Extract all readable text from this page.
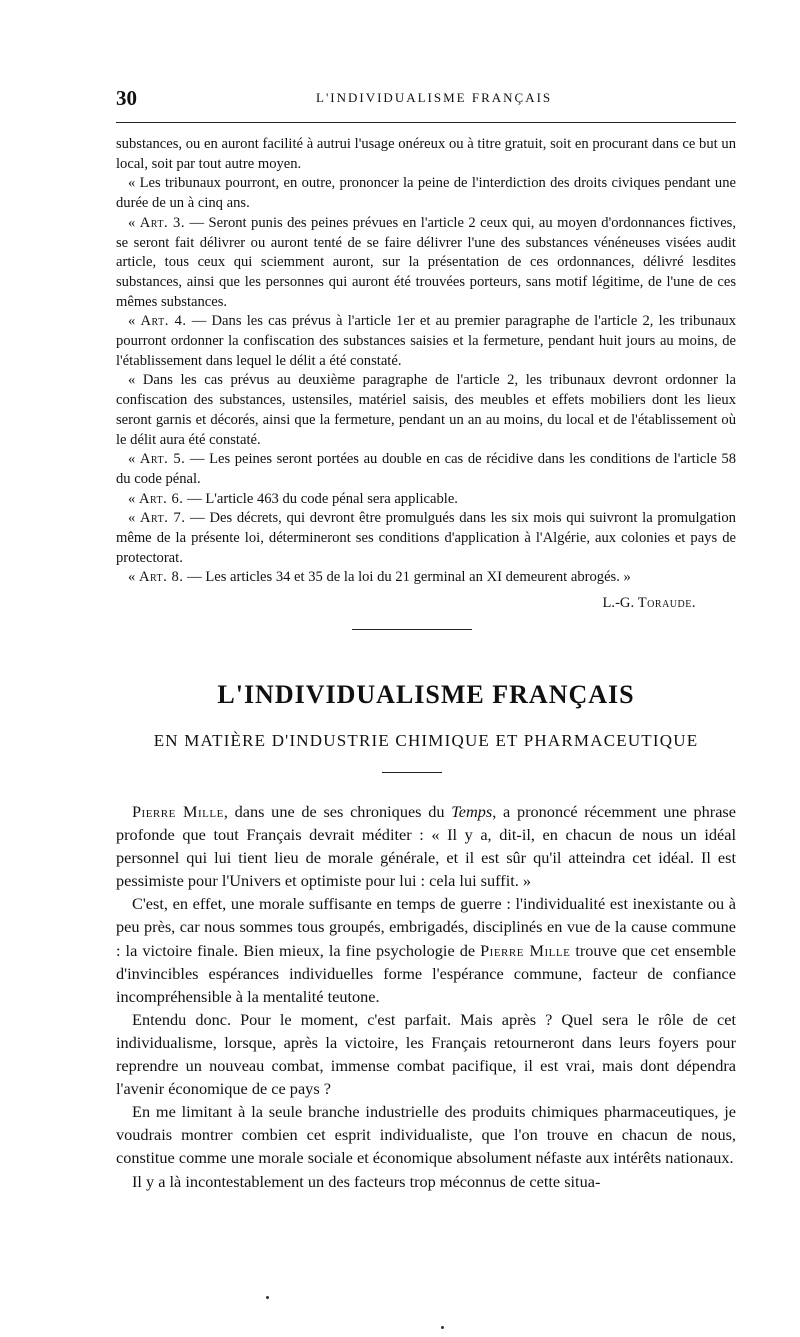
30	L'INDIVIDUALISME FRANÇAIS

substances, ou en auront facilité à autrui l'usage onéreux ou à titre gratuit, soit en procurant dans ce but un local, soit par tout autre moyen.

« Les tribunaux pourront, en outre, prononcer la peine de l'interdiction des droits civiques pendant une durée de un à cinq ans.

« Art. 3. — Seront punis des peines prévues en l'article 2 ceux qui, au moyen d'ordonnances fictives, se seront fait délivrer ou auront tenté de se faire délivrer l'une des substances vénéneuses visées audit article, tous ceux qui sciemment auront, sur la présentation de ces ordonnances, délivré lesdites substances, ainsi que les personnes qui auront été trouvées porteurs, sans motif légitime, de l'une de ces mêmes substances.

« Art. 4. — Dans les cas prévus à l'article 1er et au premier paragraphe de l'article 2, les tribunaux pourront ordonner la confiscation des substances saisies et la fermeture, pendant huit jours au moins, de l'établissement dans lequel le délit a été constaté.

« Dans les cas prévus au deuxième paragraphe de l'article 2, les tribunaux devront ordonner la confiscation des substances, ustensiles, matériel saisis, des meubles et effets mobiliers dont les lieux seront garnis et décorés, ainsi que la fermeture, pendant un an au moins, du local et de l'établissement où le délit aura été constaté.

« Art. 5. — Les peines seront portées au double en cas de récidive dans les conditions de l'article 58 du code pénal.

« Art. 6. — L'article 463 du code pénal sera applicable.

« Art. 7. — Des décrets, qui devront être promulgués dans les six mois qui suivront la promulgation même de la présente loi, détermineront ses conditions d'application à l'Algérie, aux colonies et pays de protectorat.

« Art. 8. — Les articles 34 et 35 de la loi du 21 germinal an XI demeurent abrogés. »

L.-G. Toraude.

L'INDIVIDUALISME FRANÇAIS
EN MATIÈRE D'INDUSTRIE CHIMIQUE ET PHARMACEUTIQUE

Pierre Mille, dans une de ses chroniques du Temps, a prononcé récemment une phrase profonde que tout Français devrait méditer : « Il y a, dit-il, en chacun de nous un idéal personnel qui lui tient lieu de morale générale, et il est sûr qu'il atteindra cet idéal. Il est pessimiste pour l'Univers et optimiste pour lui : cela lui suffit. »

C'est, en effet, une morale suffisante en temps de guerre : l'individualité est inexistante ou à peu près, car nous sommes tous groupés, embrigadés, disciplinés en vue de la cause commune : la victoire finale. Bien mieux, la fine psychologie de Pierre Mille trouve que cet ensemble d'invincibles espérances individuelles forme l'espérance commune, facteur de confiance incompréhensible à la mentalité teutone.

Entendu donc. Pour le moment, c'est parfait. Mais après ? Quel sera le rôle de cet individualisme, lorsque, après la victoire, les Français retourneront dans leurs foyers pour reprendre un nouveau combat, immense combat pacifique, il est vrai, mais dont dépendra l'avenir économique de ce pays ?

En me limitant à la seule branche industrielle des produits chimiques pharmaceutiques, je voudrais montrer combien cet esprit individualiste, que l'on trouve en chacun de nous, constitue comme une morale sociale et économique absolument néfaste aux intérêts nationaux.

Il y a là incontestablement un des facteurs trop méconnus de cette situa-
